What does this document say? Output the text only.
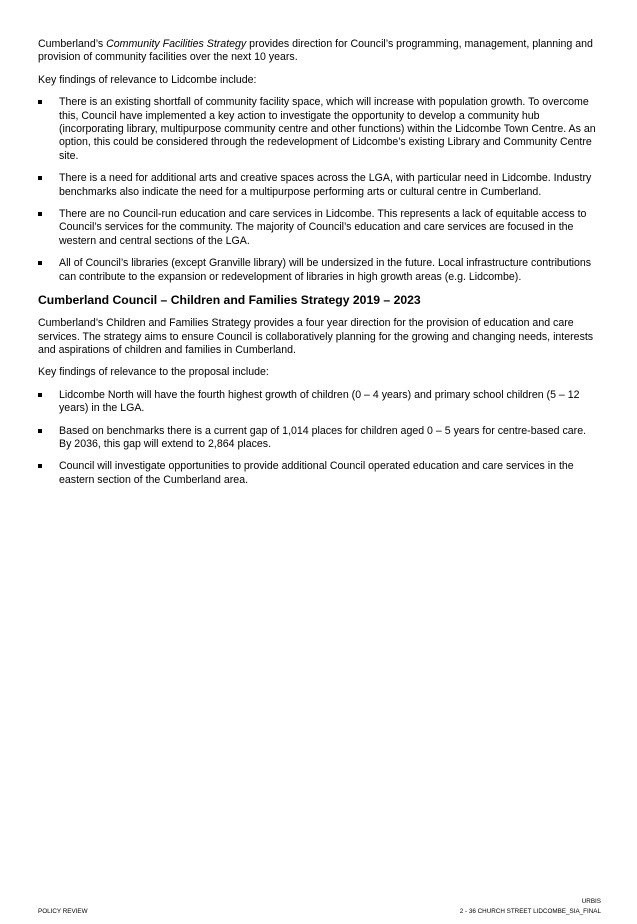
Cumberland’s Community Facilities Strategy provides direction for Council’s programming, management, planning and provision of community facilities over the next 10 years.

Key findings of relevance to Lidcombe include:

There is an existing shortfall of community facility space, which will increase with population growth. To overcome this, Council have implemented a key action to investigate the opportunity to develop a community hub (incorporating library, multipurpose community centre and other functions) within the Lidcombe Town Centre. As an option, this could be considered through the redevelopment of Lidcombe’s existing Library and Community Centre site.
There is a need for additional arts and creative spaces across the LGA, with particular need in Lidcombe. Industry benchmarks also indicate the need for a multipurpose performing arts or cultural centre in Cumberland.
There are no Council-run education and care services in Lidcombe. This represents a lack of equitable access to Council’s services for the community. The majority of Council’s education and care services are focused in the western and central sections of the LGA.
All of Council’s libraries (except Granville library) will be undersized in the future. Local infrastructure contributions can contribute to the expansion or redevelopment of libraries in high growth areas (e.g. Lidcombe).
Cumberland Council – Children and Families Strategy 2019 – 2023

Cumberland’s Children and Families Strategy provides a four year direction for the provision of education and care services. The strategy aims to ensure Council is collaboratively planning for the growing and changing needs, interests and aspirations of children and families in Cumberland.

Key findings of relevance to the proposal include:

Lidcombe North will have the fourth highest growth of children (0 – 4 years) and primary school children (5 – 12 years) in the LGA.
Based on benchmarks there is a current gap of 1,014 places for children aged 0 – 5 years for centre-based care. By 2036, this gap will extend to 2,864 places.
Council will investigate opportunities to provide additional Council operated education and care services in the eastern section of the Cumberland area.
URBIS
POLICY REVIEW	2 - 36 CHURCH STREET LIDCOMBE_SIA_FINAL
